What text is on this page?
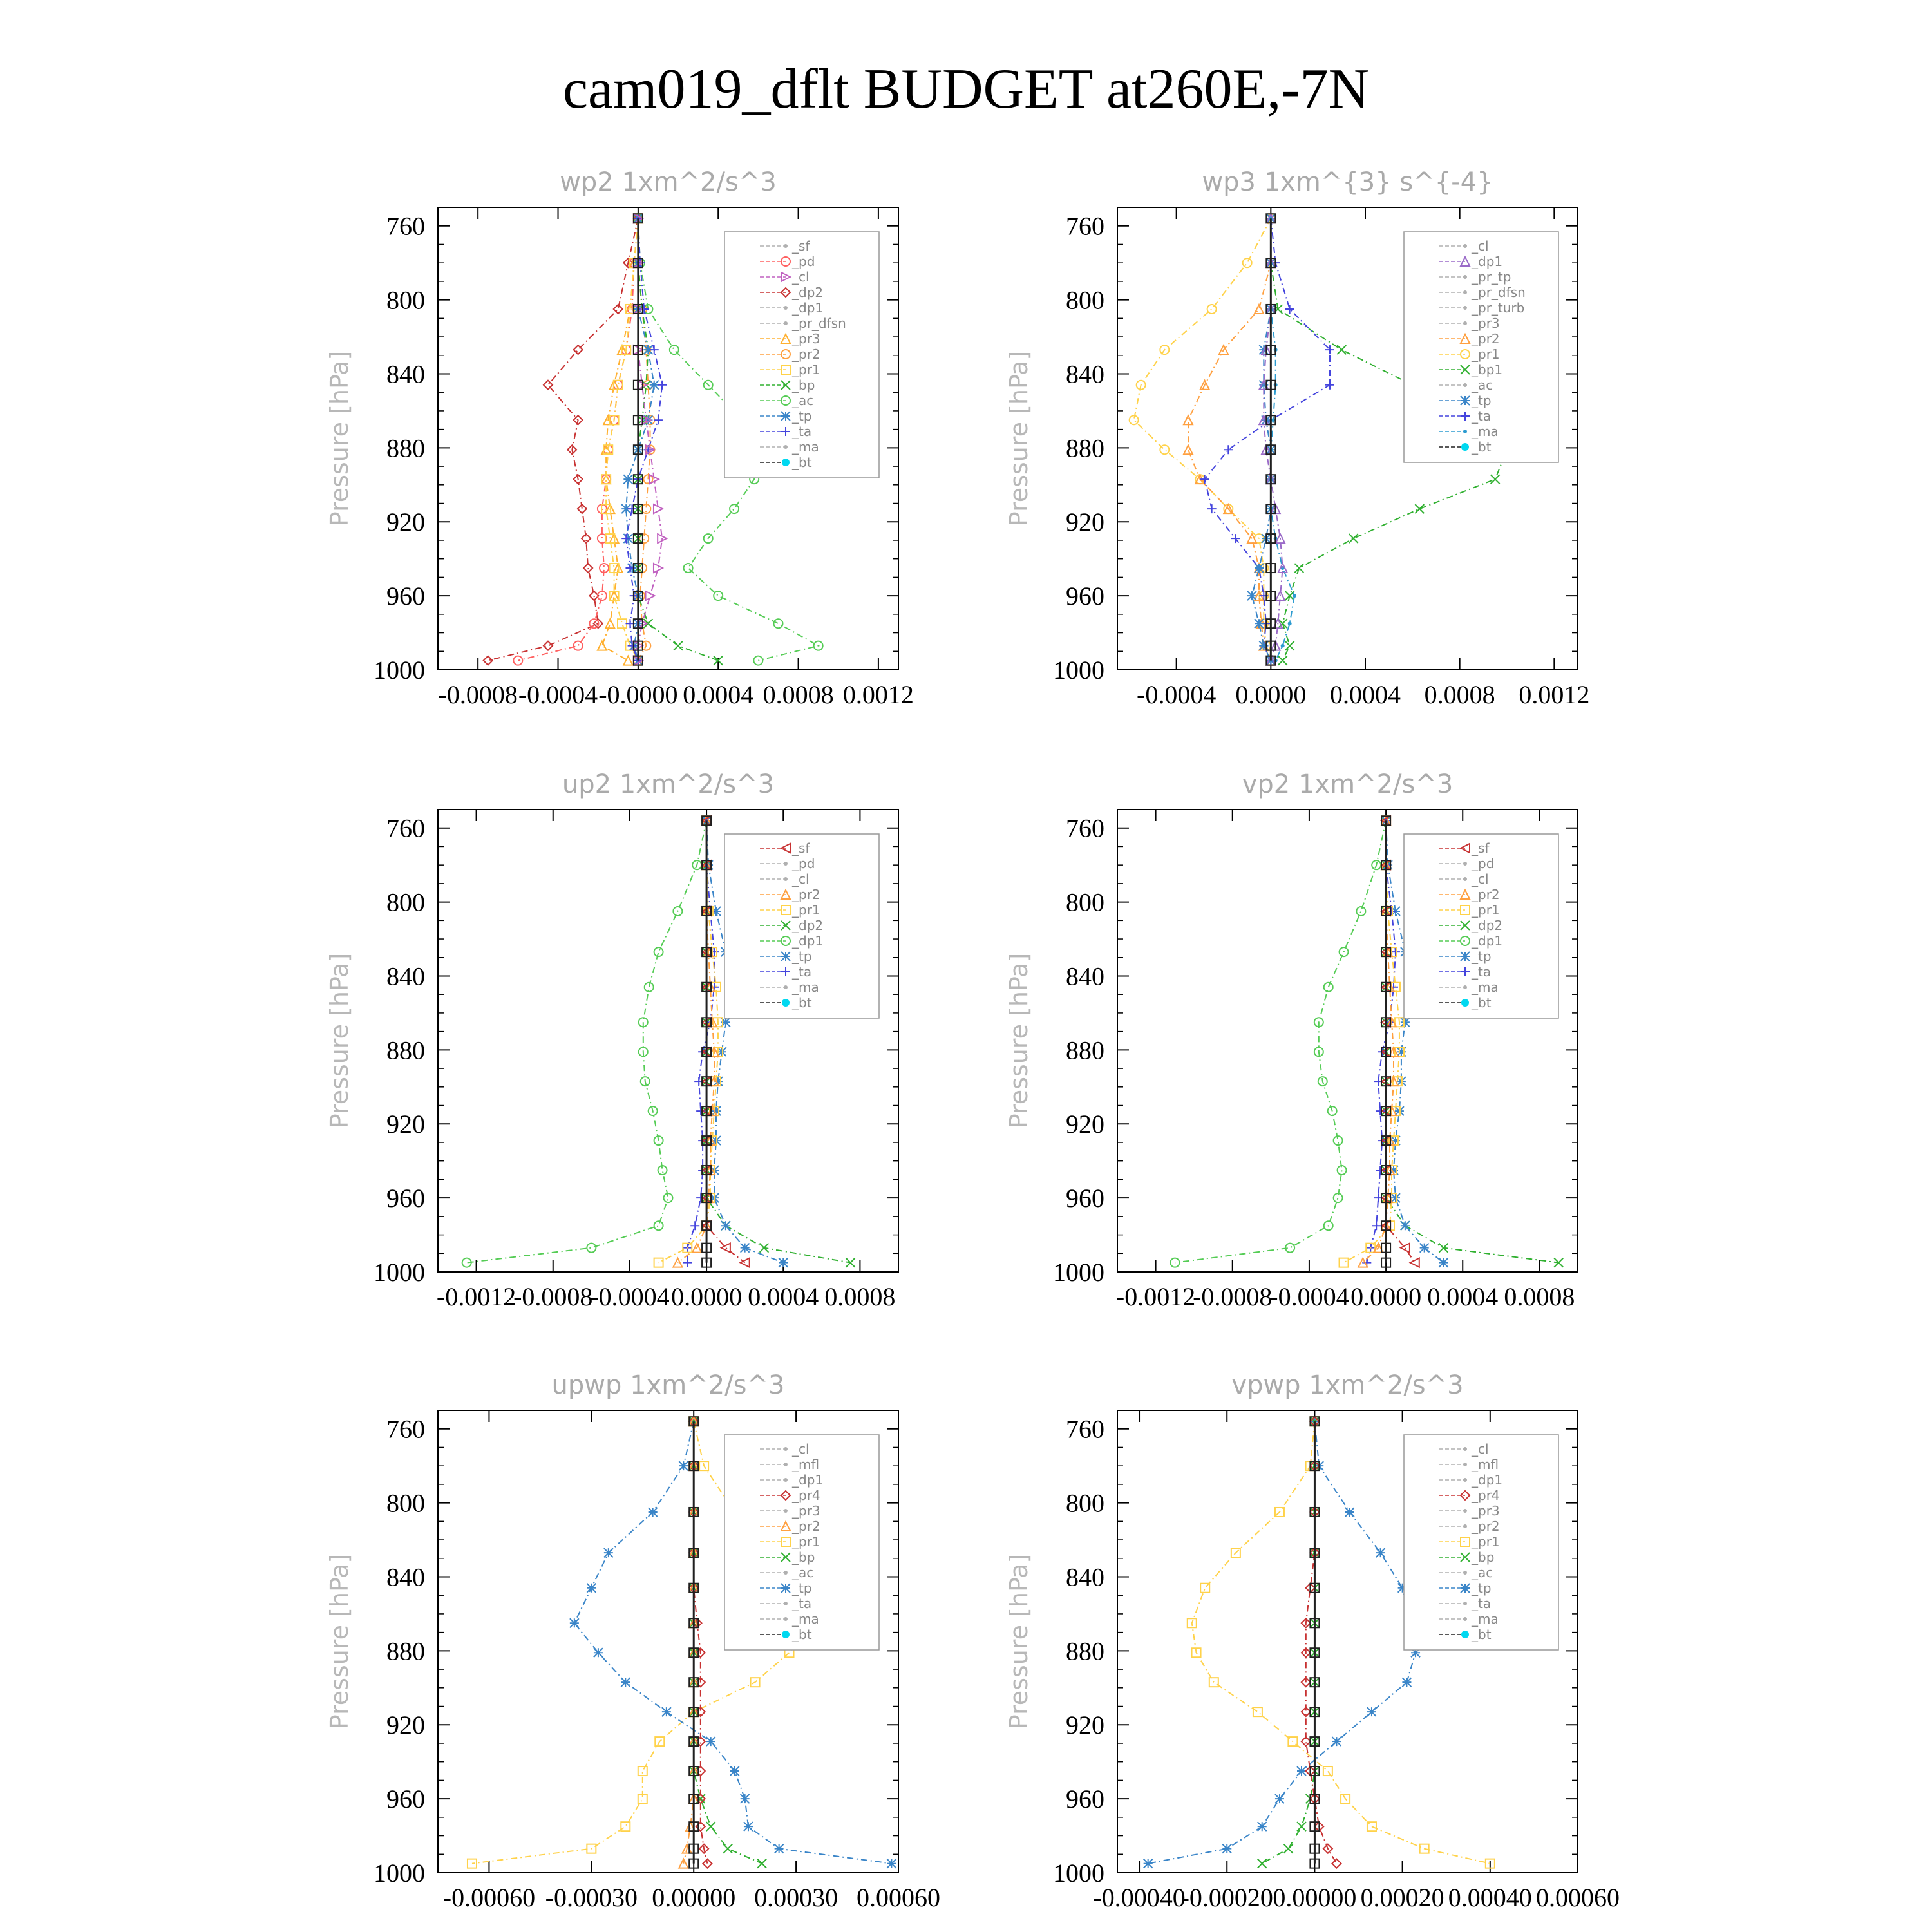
cam019_dflt BUDGET at260E,-7N
wp2 1xm^2/s^3
Pressure [hPa]
760
800
840
880
920
960
1000
-0.0008 -0.0004 -0.0000 0.0004 0.0008 0.0012
_sf
_pd
_cl
_dp2
_dp1
_pr_dfsn
_pr3
_pr2
_pr1
_bp
_ac
_tp
_ta
_ma
_bt
wp3 1xm^{3} s^{-4}
Pressure [hPa]
760
800
840
880
920
960
1000
-0.0004 0.0000 0.0004 0.0008 0.0012
_cl
_dp1
_pr_tp
_pr_dfsn
_pr_turb
_pr3
_pr2
_pr1
_bp1
_ac
_tp
_ta
_ma
_bt
up2 1xm^2/s^3
Pressure [hPa]
760
800
840
880
920
960
1000
-0.0012
-0.0008
-0.0004 0.0000 0.0004 0.0008
_sf
_pd
_cl
_pr2
_pr1
_dp2
_dp1
_tp
_ta
_ma
_bt
vp2 1xm^2/s^3
Pressure [hPa]
760
800
840
880
920
960
1000
-0.0012
-0.0008
-0.0004 0.0000 0.0004 0.0008
_sf
_pd
_cl
_pr2
_pr1
_dp2
_dp1
_tp
_ta
_ma
_bt
upwp 1xm^2/s^3
Pressure [hPa]
760
800
840
880
920
960
1000
-0.00060 -0.00030 0.00000 0.00030 0.00060
_cl
_mfl
_dp1
_pr4
_pr3
_pr2
_pr1
_bp
_ac
_tp
_ta
_ma
_bt
vpwp 1xm^2/s^3
Pressure [hPa]
760
800
840
880
920
960
1000
-0.00040
-0.00020 0.00000 0.00020 0.00040 0.00060
_cl
_mfl
_dp1
_pr4
_pr3
_pr2
_pr1
_bp
_ac
_tp
_ta
_ma
_bt
